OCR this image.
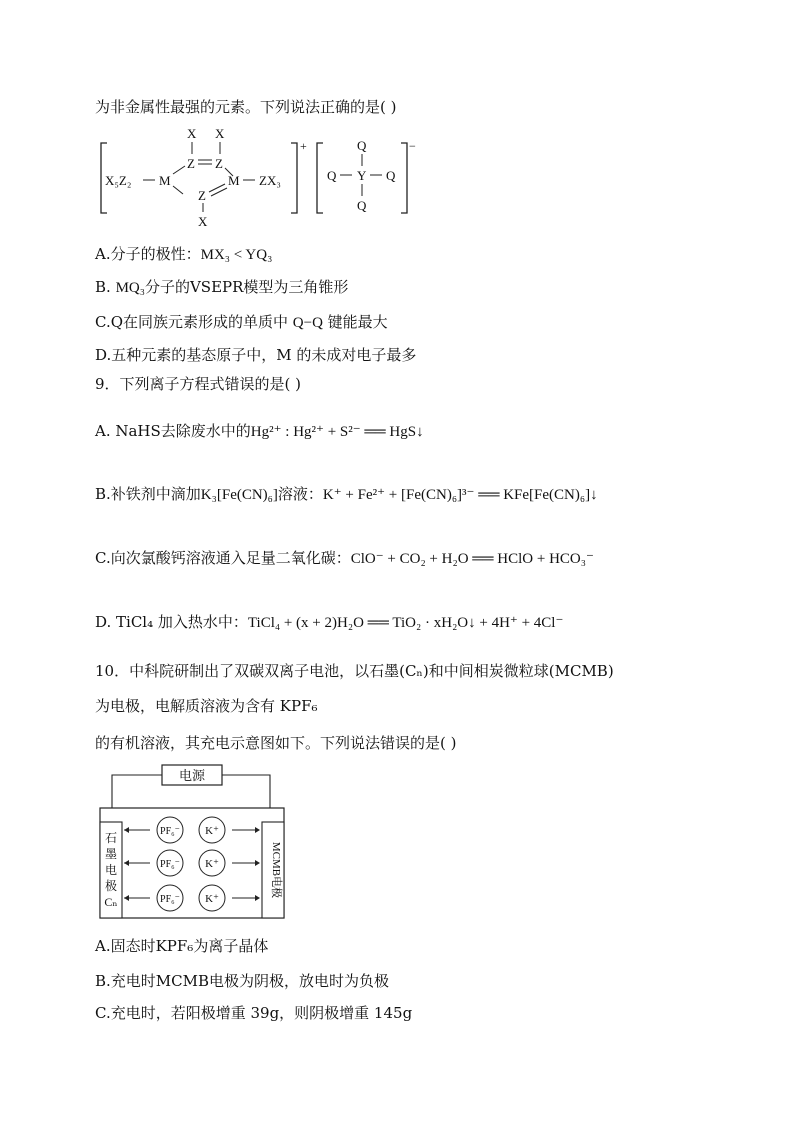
为非金属性最强的元素。下列说法正确的是( )
+
X₅Z₂ M
X X
Z Z
Z
X
M ZX₃
−
Q
Q Y Q
Q
A.分子的极性：MX₃ < YQ₃
B. MQ₃分子的VSEPR模型为三角锥形
C.Q在同族元素形成的单质中 Q−Q 键能最大
D.五种元素的基态原子中，M 的未成对电子最多
9．下列离子方程式错误的是( )
A. NaHS去除废水中的Hg²⁺ : Hg²⁺ + S²⁻ ══ HgS↓
B.补铁剂中滴加K₃[Fe(CN)₆]溶液：K⁺ + Fe²⁺ + [Fe(CN)₆]³⁻ ══ KFe[Fe(CN)₆]↓
C.向次氯酸钙溶液通入足量二氧化碳：ClO⁻ + CO₂ + H₂O ══ HClO + HCO₃⁻
D. TiCl₄ 加入热水中：TiCl₄ + (x + 2)H₂O ══ TiO₂ · xH₂O↓ + 4H⁺ + 4Cl⁻
10．中科院研制出了双碳双离子电池，以石墨(Cₙ)和中间相炭微粒球(MCMB)
为电极，电解质溶液为含有 KPF₆
的有机溶液，其充电示意图如下。下列说法错误的是( )
电源
石
墨
电
极
Cₙ
MCMB电极
PF₆⁻ K⁺
PF₆⁻ K⁺
PF₆⁻ K⁺
A.固态时KPF₆为离子晶体
B.充电时MCMB电极为阴极，放电时为负极
C.充电时，若阳极增重 39g，则阴极增重 145g
